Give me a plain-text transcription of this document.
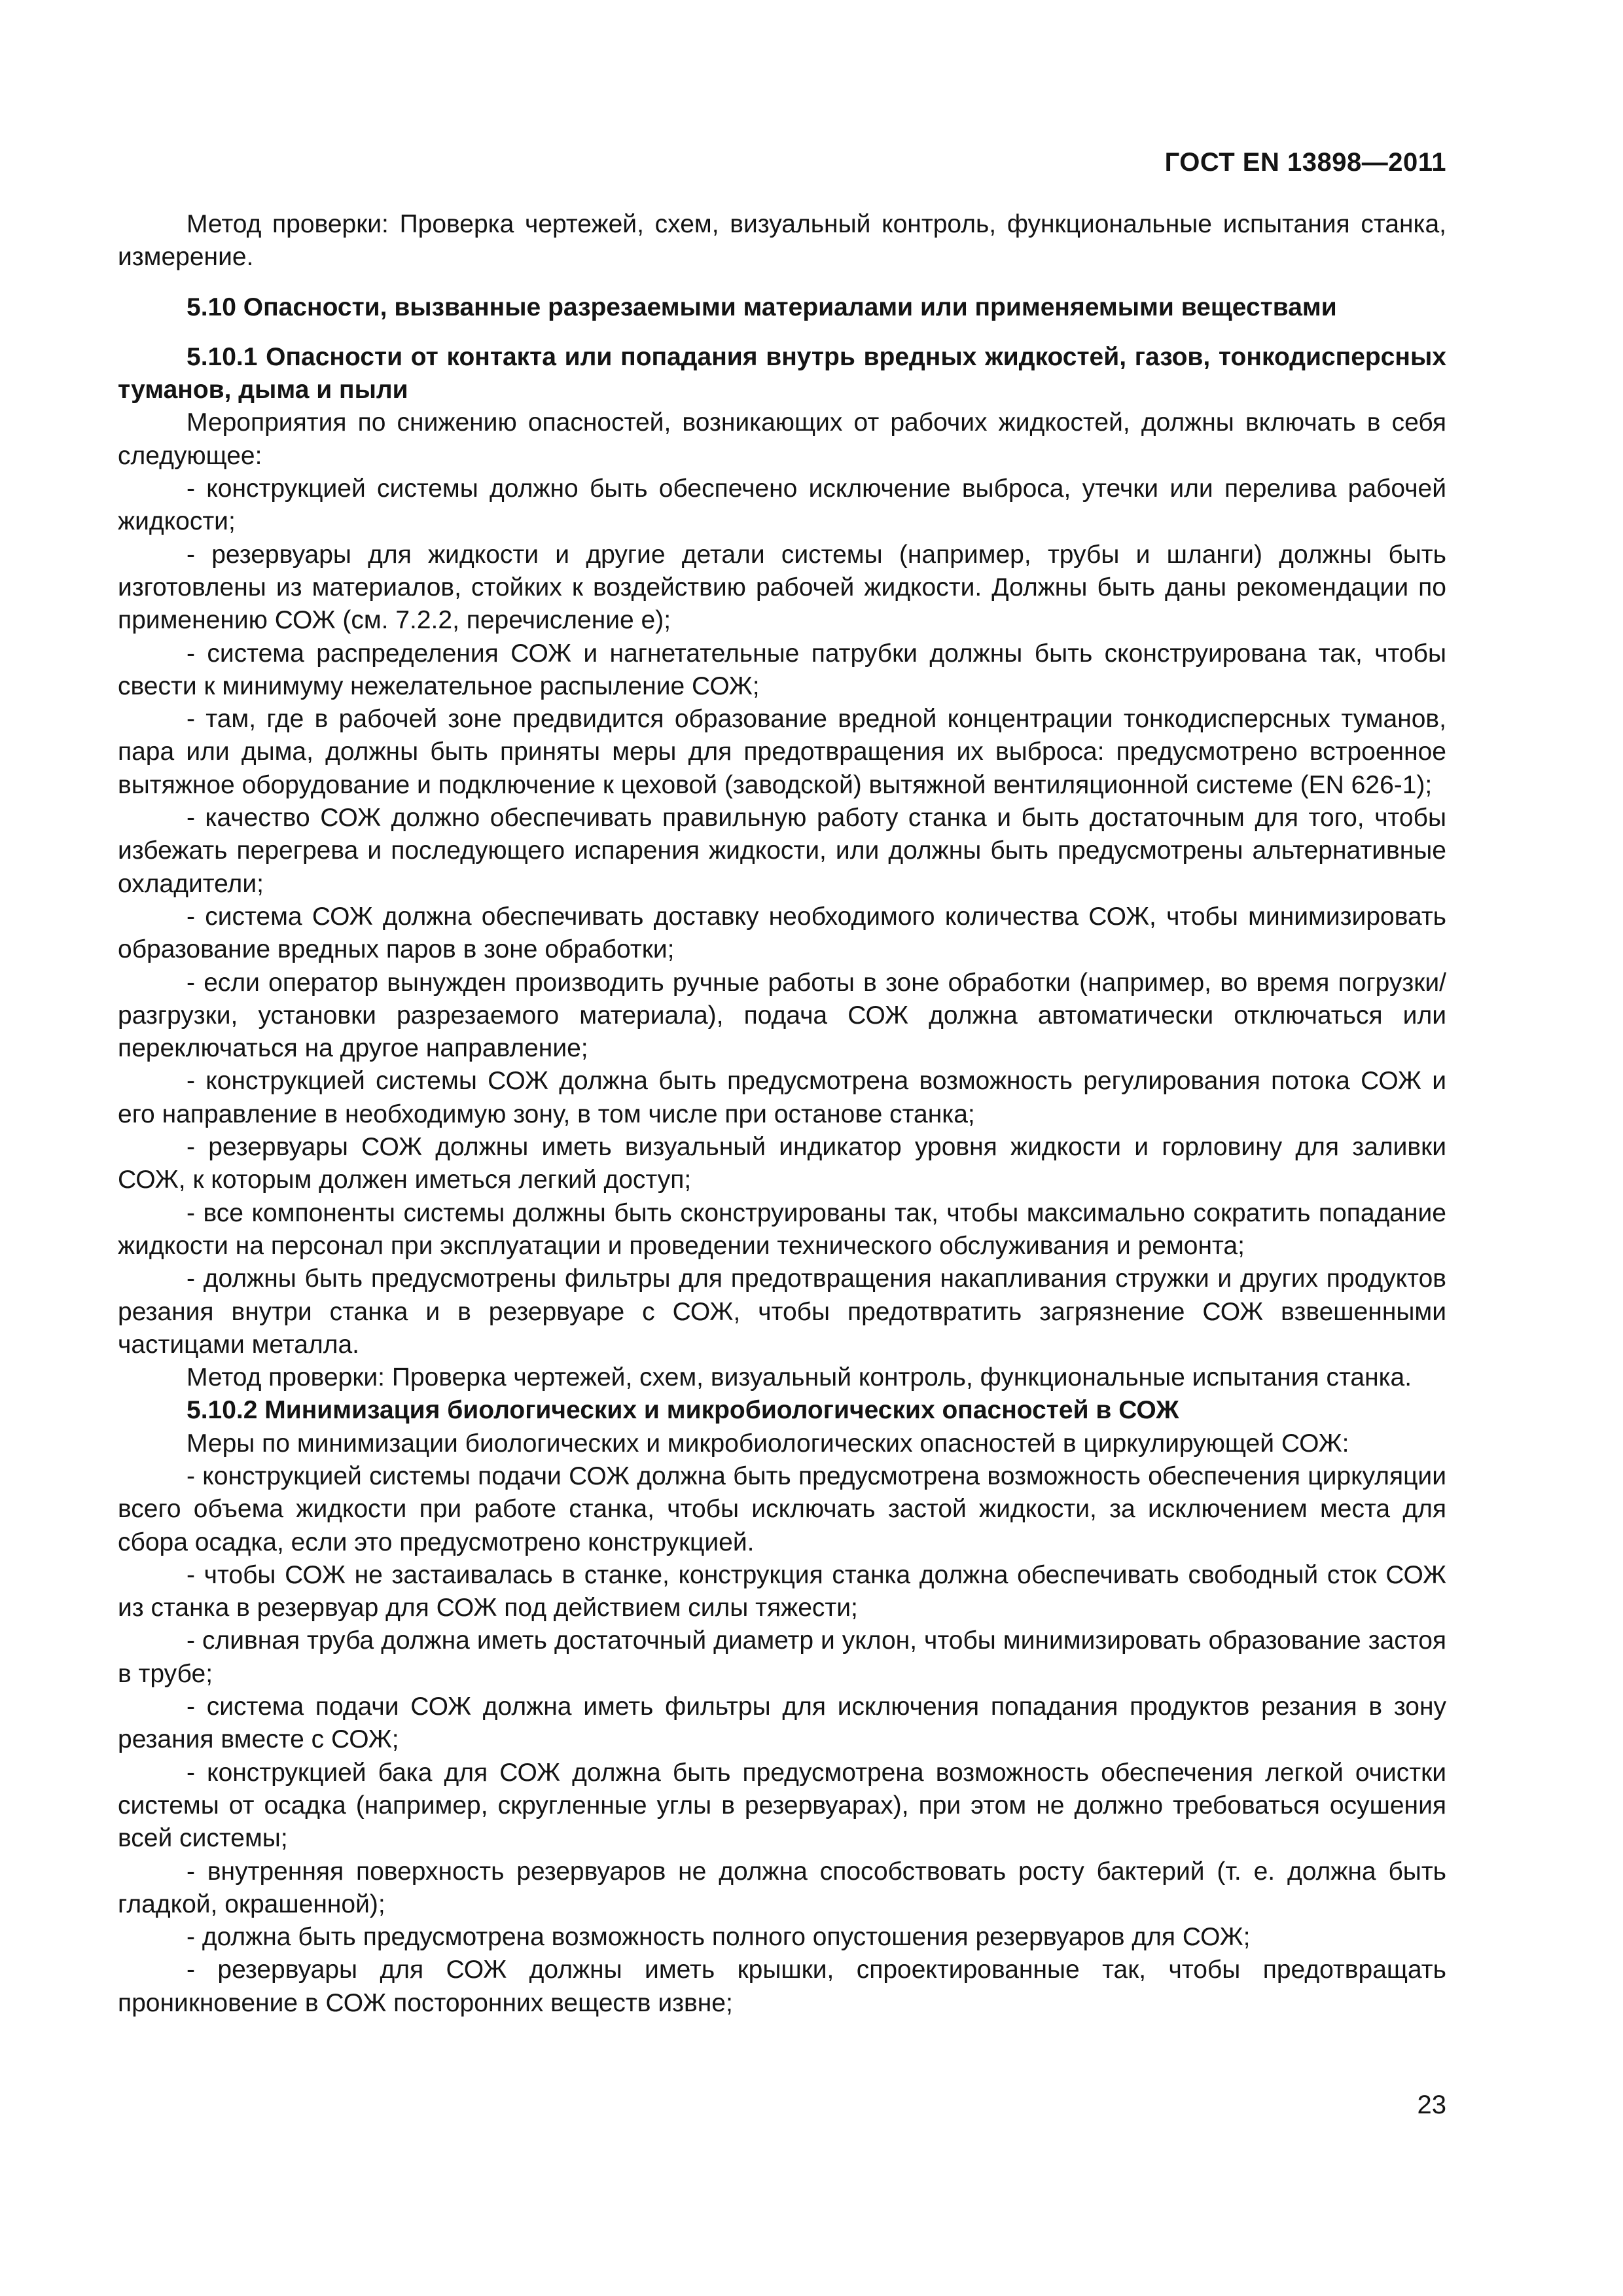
ГОСТ EN 13898—2011

Метод проверки: Проверка чертежей, схем, визуальный контроль, функциональные испытания станка, измерение.

5.10 Опасности, вызванные разрезаемыми материалами или применяемыми веществами

5.10.1 Опасности от контакта или попадания внутрь вредных жидкостей, газов, тонкодисперсных туманов, дыма и пыли

Мероприятия по снижению опасностей, возникающих от рабочих жидкостей, должны включать в себя следующее:

- конструкцией системы должно быть обеспечено исключение выброса, утечки или перелива рабочей жидкости;

- резервуары для жидкости и другие детали системы (например, трубы и шланги) должны быть изготовлены из материалов, стойких к воздействию рабочей жидкости. Должны быть даны рекомендации по применению СОЖ (см. 7.2.2, перечисление е);

- система распределения СОЖ и нагнетательные патрубки должны быть сконструирована так, чтобы свести к минимуму нежелательное распыление СОЖ;

- там, где в рабочей зоне предвидится образование вредной концентрации тонкодисперсных туманов, пара или дыма, должны быть приняты меры для предотвращения их выброса: предусмотрено встроенное вытяжное оборудование и подключение к цеховой (заводской) вытяжной вентиляционной системе (EN 626-1);

- качество СОЖ должно обеспечивать правильную работу станка и быть достаточным для того, чтобы избежать перегрева и последующего испарения жидкости, или должны быть предусмотрены альтернативные охладители;

- система СОЖ должна обеспечивать доставку необходимого количества СОЖ, чтобы минимизировать образование вредных паров в зоне обработки;

- если оператор вынужден производить ручные работы в зоне обработки (например, во время погрузки/разгрузки, установки разрезаемого материала), подача СОЖ должна автоматически отключаться или переключаться на другое направление;

- конструкцией системы СОЖ должна быть предусмотрена возможность регулирования потока СОЖ и его направление в необходимую зону, в том числе при останове станка;

- резервуары СОЖ должны иметь визуальный индикатор уровня жидкости и горловину для заливки СОЖ, к которым должен иметься легкий доступ;

- все компоненты системы должны быть сконструированы так, чтобы максимально сократить попадание жидкости на персонал при эксплуатации и проведении технического обслуживания и ремонта;

- должны быть предусмотрены фильтры для предотвращения накапливания стружки и других продуктов резания внутри станка и в резервуаре с СОЖ, чтобы предотвратить загрязнение СОЖ взвешенными частицами металла.

Метод проверки: Проверка чертежей, схем, визуальный контроль, функциональные испытания станка.

5.10.2 Минимизация биологических и микробиологических опасностей в СОЖ

Меры по минимизации биологических и микробиологических опасностей в циркулирующей СОЖ:

- конструкцией системы подачи СОЖ должна быть предусмотрена возможность обеспечения циркуляции всего объема жидкости при работе станка, чтобы исключать застой жидкости, за исключением места для сбора осадка, если это предусмотрено конструкцией.

- чтобы СОЖ не застаивалась в станке, конструкция станка должна обеспечивать свободный сток СОЖ из станка в резервуар для СОЖ под действием силы тяжести;

- сливная труба должна иметь достаточный диаметр и уклон, чтобы минимизировать образование застоя в трубе;

- система подачи СОЖ должна иметь фильтры для исключения попадания продуктов резания в зону резания вместе с СОЖ;

- конструкцией бака для СОЖ должна быть предусмотрена возможность обеспечения легкой очистки системы от осадка (например, скругленные углы в резервуарах), при этом не должно требоваться осушения всей системы;

- внутренняя поверхность резервуаров не должна способствовать росту бактерий (т. е. должна быть гладкой, окрашенной);

- должна быть предусмотрена возможность полного опустошения резервуаров для СОЖ;

- резервуары для СОЖ должны иметь крышки, спроектированные так, чтобы предотвращать проникновение в СОЖ посторонних веществ извне;

23
